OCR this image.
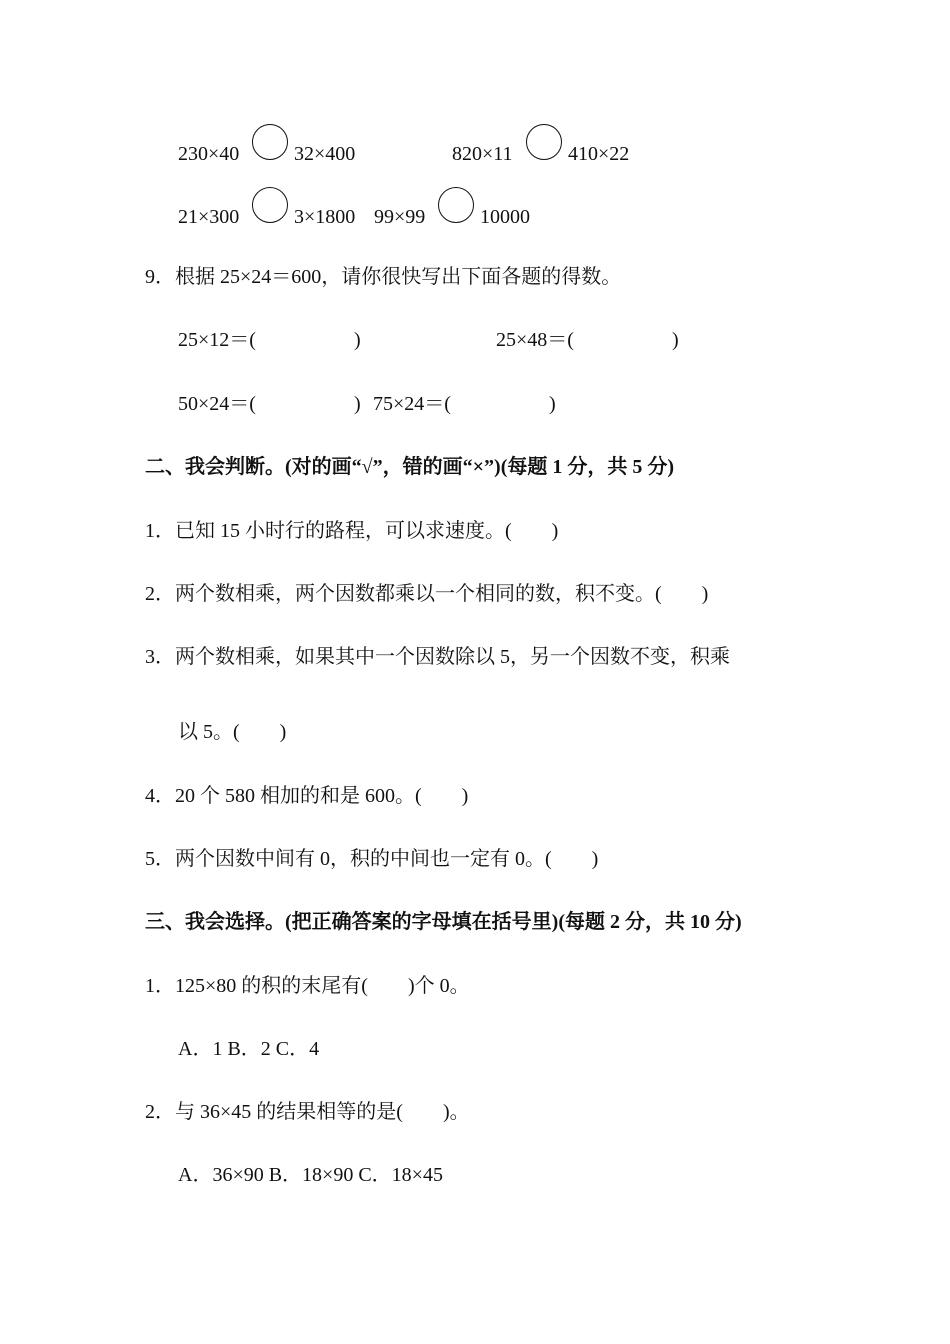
230×40	32×400	820×11	410×22
21×300	3×1800 99×99	10000
9．根据 25×24＝600，请你很快写出下面各题的得数。
25×12＝(	)	25×48＝(	)
50×24＝(	) 75×24＝(	)
二、我会判断。(对的画“√”，错的画“×”)(每题 1 分，共 5 分)
1．已知 15 小时行的路程，可以求速度。(　　)
2．两个数相乘，两个因数都乘以一个相同的数，积不变。(　　)
3．两个数相乘，如果其中一个因数除以 5，另一个因数不变，积乘
以 5。(　　)
4．20 个 580 相加的和是 600。(　　)
5．两个因数中间有 0，积的中间也一定有 0。(　　)
三、我会选择。(把正确答案的字母填在括号里)(每题 2 分，共 10 分)
1．125×80 的积的末尾有(　　)个 0。
A．1 B．2 C．4
2．与 36×45 的结果相等的是(　　)。
A．36×90 B．18×90 C．18×45
